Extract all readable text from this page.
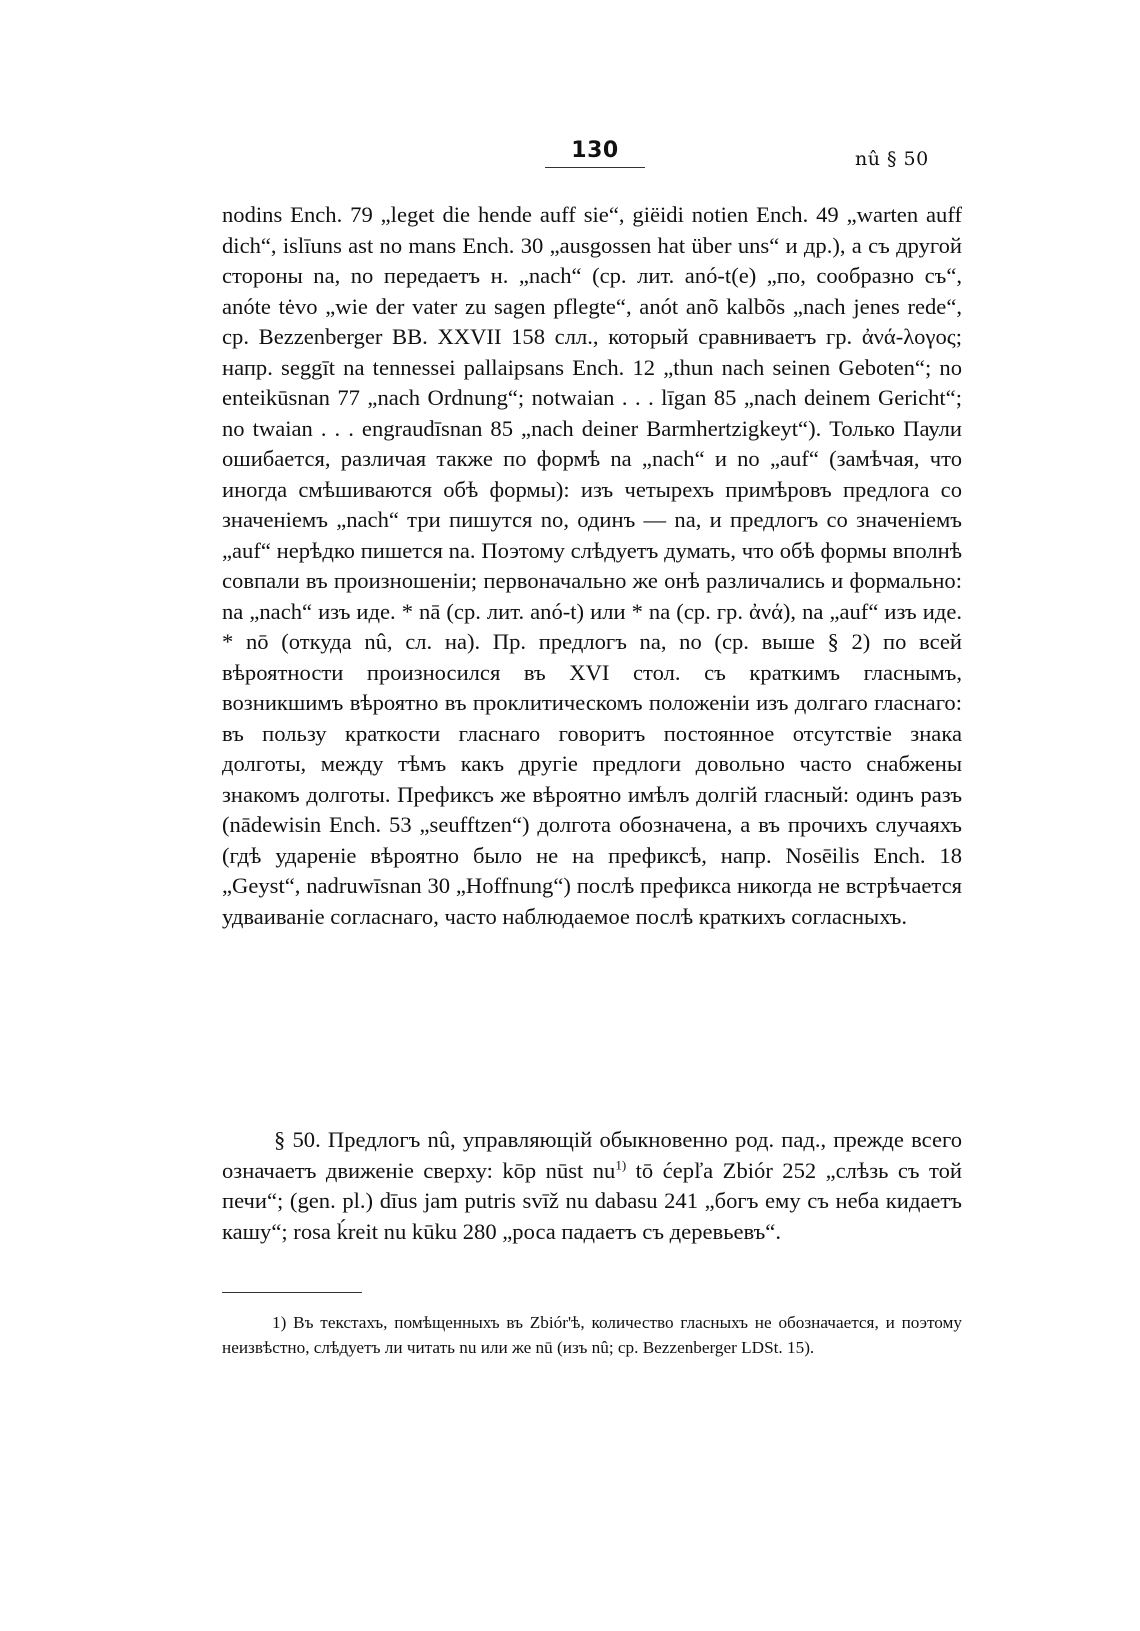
130	nû § 50

nodins Ench. 79 „leget die hende auff sie“, giëidi notien Ench. 49 „warten auff dich“, islīuns ast no mans Ench. 30 „ausgossen hat über uns“ и др.), а съ другой стороны na, no передаетъ н. „nach“ (ср. лит. anó-t(e) „по, сообразно съ“, anóte tėvo „wie der vater zu sagen pflegte“, anót anõ kalbõs „nach jenes rede“, cp. Bezzenberger BB. XXVII 158 слл., который сравниваетъ гр. ἀνά-λογος; напр. seggīt na tennessei pallaipsans Ench. 12 „thun nach seinen Geboten“; no enteikūsnan 77 „nach Ordnung“; notwaian . . . līgan 85 „nach deinem Gericht“; no twaian . . . engraudīsnan 85 „nach deiner Barmhertzigkeyt“). Только Паули ошибается, различая также по формѣ na „nach“ и no „auf“ (замѣчая, что иногда смѣшиваются обѣ формы): изъ четырехъ примѣровъ предлога со значеніемъ „nach“ три пишутся no, одинъ — na, и предлогъ со значеніемъ „auf“ нерѣдко пишется na. Поэтому слѣдуетъ думать, что обѣ формы вполнѣ совпали въ произношеніи; первоначально же онѣ различались и формально: na „nach“ изъ иде. * nā (ср. лит. anó-t) или * na (ср. гр. ἀνά), na „auf“ изъ иде. * nō (откуда nû, сл. на). Пр. предлогъ na, no (ср. выше § 2) по всей вѣроятности произносился въ XVI стол. съ краткимъ гласнымъ, возникшимъ вѣроятно въ проклитическомъ положеніи изъ долгаго гласнаго: въ пользу краткости гласнаго говоритъ постоянное отсутствіе знака долготы, между тѣмъ какъ другіе предлоги довольно часто снабжены знакомъ долготы. Префиксъ же вѣроятно имѣлъ долгій гласный: одинъ разъ (nādewisin Ench. 53 „seufftzen“) долгота обозначена, а въ прочихъ случаяхъ (гдѣ удареніе вѣроятно было не на префиксѣ, напр. Nosēilis Ench. 18 „Geyst“, nadruwīsnan 30 „Hoffnung“) послѣ префикса никогда не встрѣчается удваиваніе согласнаго, часто наблюдаемое послѣ краткихъ согласныхъ.

§ 50. Предлогъ nû, управляющій обыкновенно род. пад., прежде всего означаетъ движеніе сверху: kōp nūst $nu^{1)}$ tō ćepľa Zbiór 252 „слѣзь съ той печи“; (gen. pl.) dīus jam putris svīž nu dabasu 241 „богъ ему съ неба кидаетъ кашу“; rosa ḱreit nu kūku 280 „роса падаетъ съ деревьевъ“.
1) Въ текстахъ, помѣщенныхъ въ Zbiór'ѣ, количество гласныхъ не обозначается, и поэтому неизвѣстно, слѣдуетъ ли читать nu или же nū (изъ nû; ср. Bezzenberger LDSt. 15).
